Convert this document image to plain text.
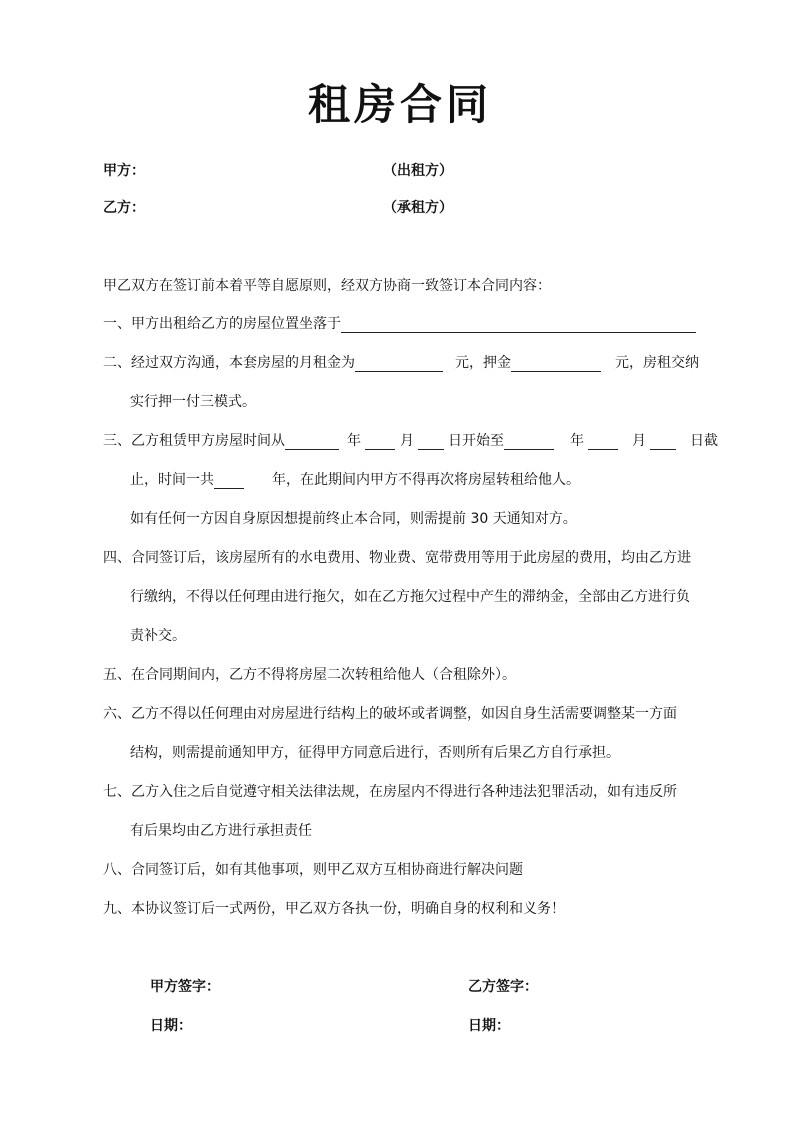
租房合同
甲方：	（出租方）
乙方：	（承租方）
甲乙双方在签订前本着平等自愿原则，经双方协商一致签订本合同内容：
一、甲方出租给乙方的房屋位置坐落于
二、经过双方沟通，本套房屋的月租金为	元，押金	元，房租交纳
实行押一付三模式。
三、乙方租赁甲方房屋时间从	年	月 日开始至	年	月	日截
止，时间一共	年，在此期间内甲方不得再次将房屋转租给他人。
如有任何一方因自身原因想提前终止本合同，则需提前 30 天通知对方。
四、合同签订后，该房屋所有的水电费用、物业费、宽带费用等用于此房屋的费用，均由乙方进
行缴纳，不得以任何理由进行拖欠，如在乙方拖欠过程中产生的滞纳金，全部由乙方进行负
责补交。
五、在合同期间内，乙方不得将房屋二次转租给他人（合租除外）。
六、乙方不得以任何理由对房屋进行结构上的破坏或者调整，如因自身生活需要调整某一方面
结构，则需提前通知甲方，征得甲方同意后进行，否则所有后果乙方自行承担。
七、乙方入住之后自觉遵守相关法律法规，在房屋内不得进行各种违法犯罪活动，如有违反所
有后果均由乙方进行承担责任
八、合同签订后，如有其他事项，则甲乙双方互相协商进行解决问题
九、本协议签订后一式两份，甲乙双方各执一份，明确自身的权利和义务！
甲方签字：	乙方签字：
日期：	日期：
